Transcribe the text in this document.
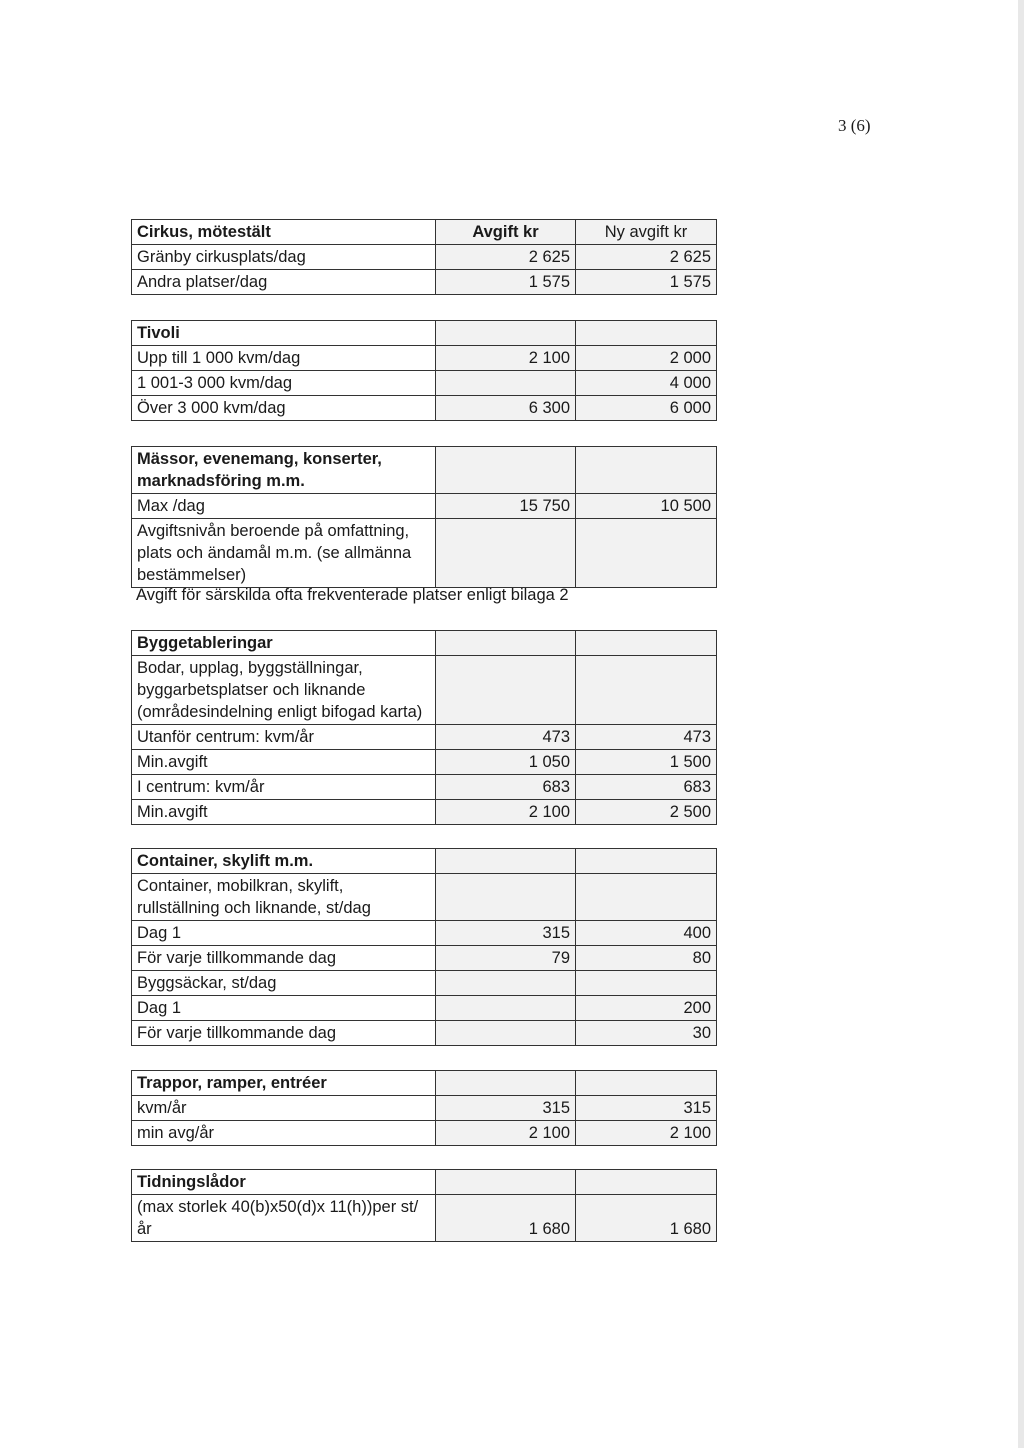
3 (6)
Cirkus, mötestält	Avgift kr	Ny avgift kr
Gränby cirkusplats/dag	2 625	2 625
Andra platser/dag	1 575	1 575
Tivoli		
Upp till 1 000 kvm/dag	2 100	2 000
1 001-3 000 kvm/dag		4 000
Över 3 000 kvm/dag	6 300	6 000
Mässor, evenemang, konserter, marknadsföring m.m.		
Max /dag	15 750	10 500
Avgiftsnivån beroende på omfattning, plats och ändamål m.m. (se allmänna bestämmelser)		
Avgift för särskilda ofta frekventerade platser enligt bilaga 2
Byggetableringar		
Bodar, upplag, byggställningar, byggarbetsplatser och liknande (områdesindelning enligt bifogad karta)		
Utanför centrum: kvm/år	473	473
Min.avgift	1 050	1 500
I centrum: kvm/år	683	683
Min.avgift	2 100	2 500
Container, skylift m.m.		
Container, mobilkran, skylift, rullställning och liknande, st/dag		
Dag 1	315	400
För varje tillkommande dag	79	80
Byggsäckar, st/dag		
Dag 1		200
För varje tillkommande dag		30
Trappor, ramper, entréer		
kvm/år	315	315
min avg/år	2 100	2 100
Tidningslådor		
(max storlek 40(b)x50(d)x 11(h))per st/år	1 680	1 680
